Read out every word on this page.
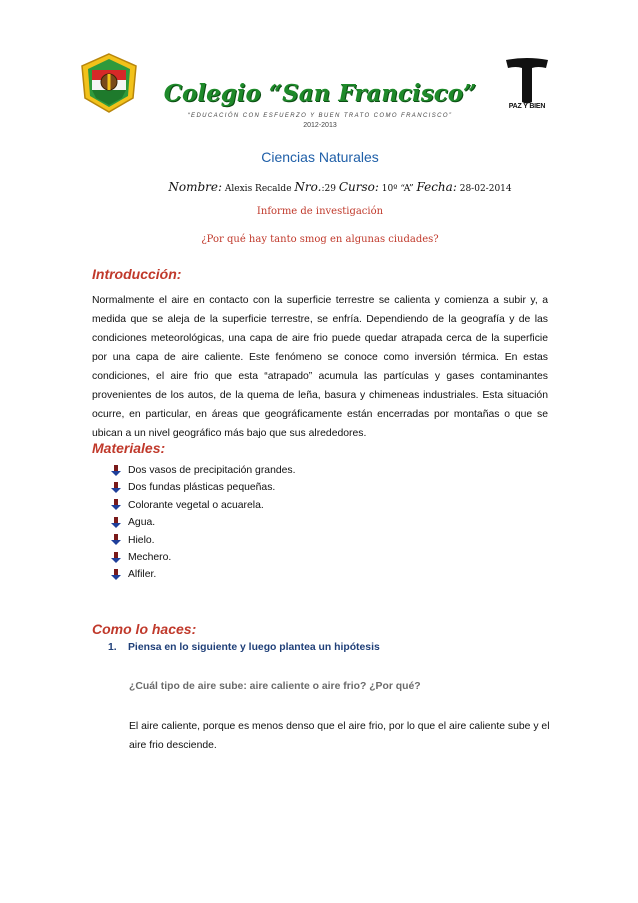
PAZ Y BIEN
Colegio “San Francisco”
“EDUCACIÓN CON ESFUERZO Y BUEN TRATO COMO FRANCISCO”
2012-2013
Ciencias Naturales
Nombre: Alexis Recalde Nro.:29 Curso: 10º “A” Fecha: 28-02-2014
Informe de investigación
¿Por qué hay tanto smog en algunas ciudades?
Introducción:
Normalmente el aire en contacto con la superficie terrestre se calienta y comienza a subir y, a medida que se aleja de la superficie terrestre, se enfría. Dependiendo de la geografía y de las condiciones meteorológicas, una capa de aire frio puede quedar atrapada cerca de la superficie por una capa de aire caliente. Este fenómeno se conoce como inversión térmica. En estas condiciones, el aire frio que esta “atrapado” acumula las partículas y gases contaminantes provenientes de los autos, de la quema de leña, basura y chimeneas industriales. Esta situación ocurre, en particular, en áreas que geográficamente están encerradas por montañas o que se ubican a un nivel geográfico más bajo que sus alrededores.
Materiales:
Dos vasos de precipitación grandes.
Dos fundas plásticas pequeñas.
Colorante vegetal o acuarela.
Agua.
Hielo.
Mechero.
Alfiler.
Como lo haces:
1. Piensa en lo siguiente y luego plantea un hipótesis
¿Cuál tipo de aire sube: aire caliente o aire frio? ¿Por qué?
El aire caliente, porque es menos denso que el aire frio, por lo que el aire caliente sube y el aire frio desciende.
